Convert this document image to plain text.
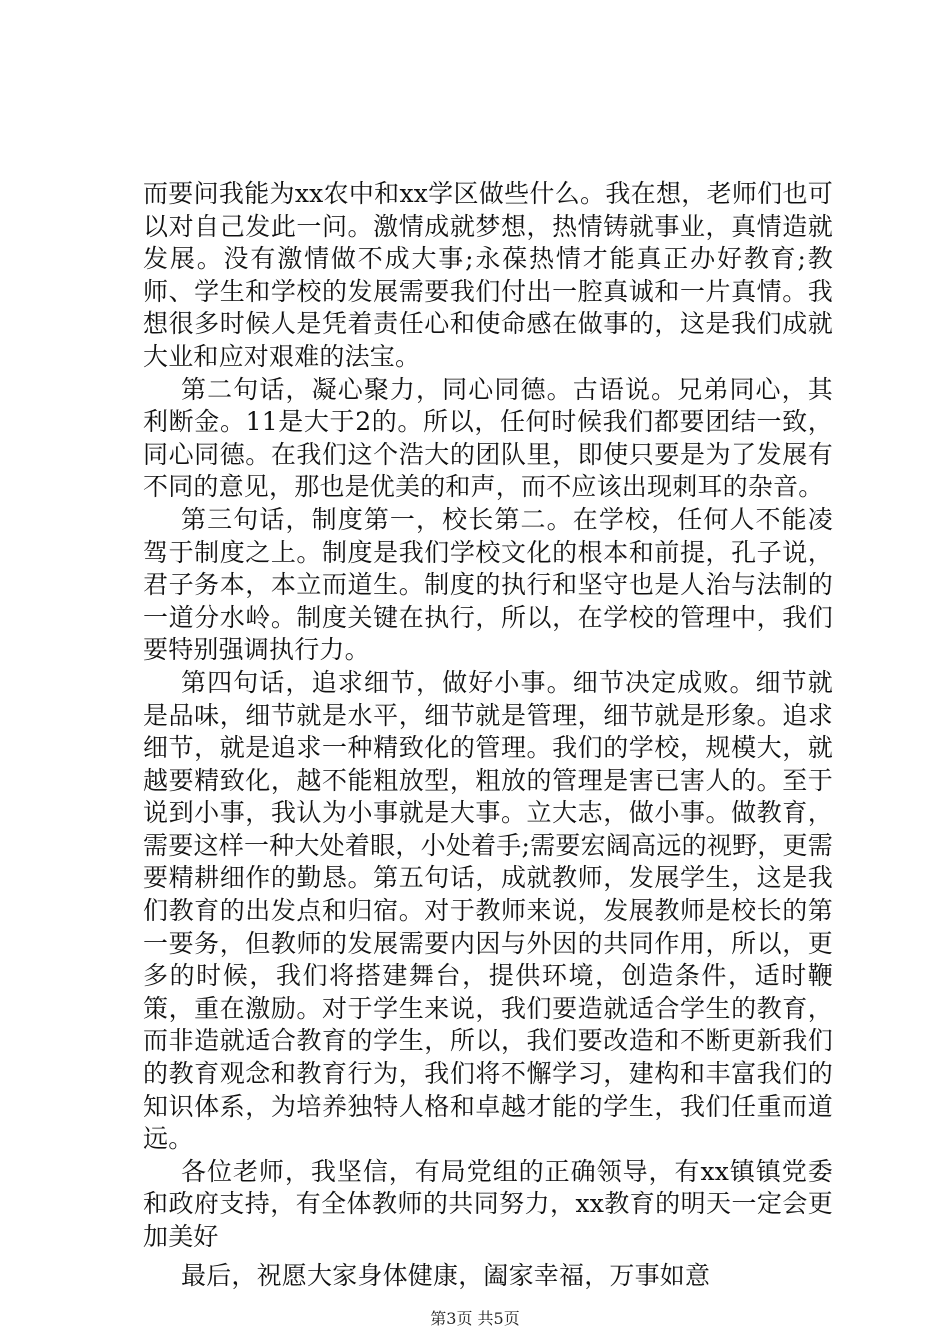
而要问我能为xx农中和xx学区做些什么。我在想，老师们也可以对自己发此一问。激情成就梦想，热情铸就事业，真情造就发展。没有激情做不成大事;永葆热情才能真正办好教育;教师、学生和学校的发展需要我们付出一腔真诚和一片真情。我想很多时候人是凭着责任心和使命感在做事的，这是我们成就大业和应对艰难的法宝。

第二句话，凝心聚力，同心同德。古语说。兄弟同心，其利断金。11是大于2的。所以，任何时候我们都要团结一致，同心同德。在我们这个浩大的团队里，即使只要是为了发展有不同的意见，那也是优美的和声，而不应该出现刺耳的杂音。

第三句话，制度第一，校长第二。在学校，任何人不能凌驾于制度之上。制度是我们学校文化的根本和前提，孔子说，君子务本，本立而道生。制度的执行和坚守也是人治与法制的一道分水岭。制度关键在执行，所以，在学校的管理中，我们要特别强调执行力。

第四句话，追求细节，做好小事。细节决定成败。细节就是品味，细节就是水平，细节就是管理，细节就是形象。追求细节，就是追求一种精致化的管理。我们的学校，规模大，就越要精致化，越不能粗放型，粗放的管理是害已害人的。至于说到小事，我认为小事就是大事。立大志，做小事。做教育，需要这样一种大处着眼，小处着手;需要宏阔高远的视野，更需要精耕细作的勤恳。第五句话，成就教师，发展学生，这是我们教育的出发点和归宿。对于教师来说，发展教师是校长的第一要务，但教师的发展需要内因与外因的共同作用，所以，更多的时候，我们将搭建舞台，提供环境，创造条件，适时鞭策，重在激励。对于学生来说，我们要造就适合学生的教育，而非造就适合教育的学生，所以，我们要改造和不断更新我们的教育观念和教育行为，我们将不懈学习，建构和丰富我们的知识体系，为培养独特人格和卓越才能的学生，我们任重而道远。

各位老师，我坚信，有局党组的正确领导，有xx镇镇党委和政府支持，有全体教师的共同努力，xx教育的明天一定会更加美好

最后，祝愿大家身体健康，阖家幸福，万事如意

第3页 共5页
